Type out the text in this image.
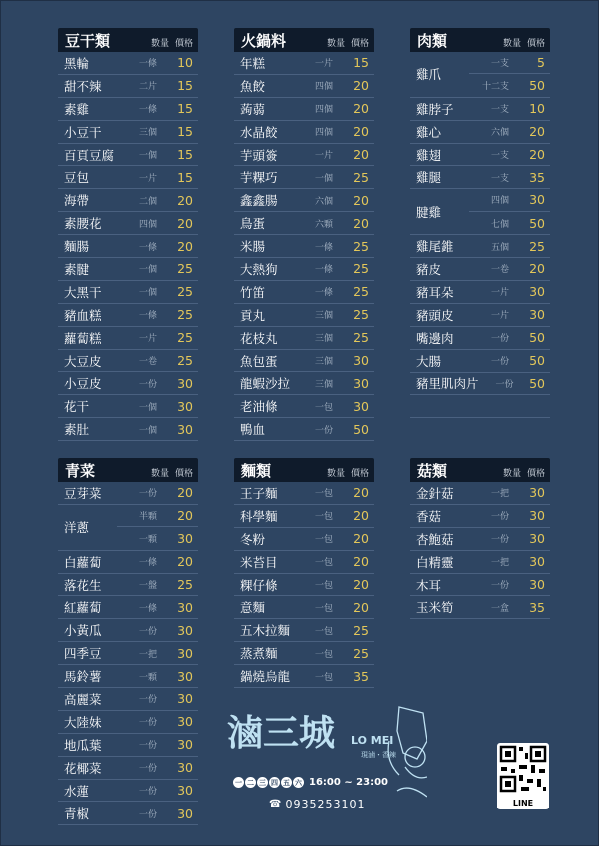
豆干類	數量 價格
黑輪	一條	10
甜不辣	二片	15
素雞	一條	15
小豆干	三個	15
百頁豆腐	一個	15
豆包	一片	15
海帶	二個	20
素腰花	四個	20
麵腸	一條	20
素腱	一個	25
大黑干	一個	25
豬血糕	一條	25
蘿蔔糕	一片	25
大豆皮	一卷	25
小豆皮	一份	30
花干	一個	30
素肚	一個	30
火鍋料	數量 價格
年糕	一片	15
魚餃	四個	20
蒟蒻	四個	20
水晶餃	四個	20
芋頭簽	一片	20
芋粿巧	一個	25
鑫鑫腸	六個	20
鳥蛋	六顆	20
米腸	一條	25
大熱狗	一條	25
竹笛	一條	25
貢丸	三個	25
花枝丸	三個	25
魚包蛋	三個	30
龍蝦沙拉	三個	30
老油條	一包	30
鴨血	一份	50
肉類	數量 價格
雞爪
一支	5
十二支	50
雞脖子	一支	10
雞心	六個	20
雞翅	一支	20
雞腿	一支	35
腱雞
四個	30
七個	50
雞尾錐	五個	25
豬皮	一卷	20
豬耳朵	一片	30
豬頭皮	一片	30
嘴邊肉	一份	50
大腸	一份	50
豬里肌肉片	一份	50
青菜	數量 價格
豆芽菜	一份	20
洋蔥
半顆	20
一顆	30
白蘿蔔	一條	20
落花生	一盤	25
紅蘿蔔	一條	30
小黃瓜	一份	30
四季豆	一把	30
馬鈴薯	一顆	30
高麗菜	一份	30
大陸妹	一份	30
地瓜葉	一份	30
花椰菜	一份	30
水蓮	一份	30
青椒	一份	30
麵類	數量 價格
王子麵	一包	20
科學麵	一包	20
冬粉	一包	20
米苔目	一包	20
粿仔條	一包	20
意麵	一包	20
五木拉麵	一包	25
蒸煮麵	一包	25
鍋燒烏龍	一包	35
菇類	數量 價格
金針菇	一把	30
香菇	一份	30
杏鮑菇	一份	30
白精靈	一把	30
木耳	一份	30
玉米筍	一盒	35
滷三城 LO MEI
現滷・香辣
一 二 三 四 五 六 16:00 ~ 23:00
☎ 0935253101	LINE
